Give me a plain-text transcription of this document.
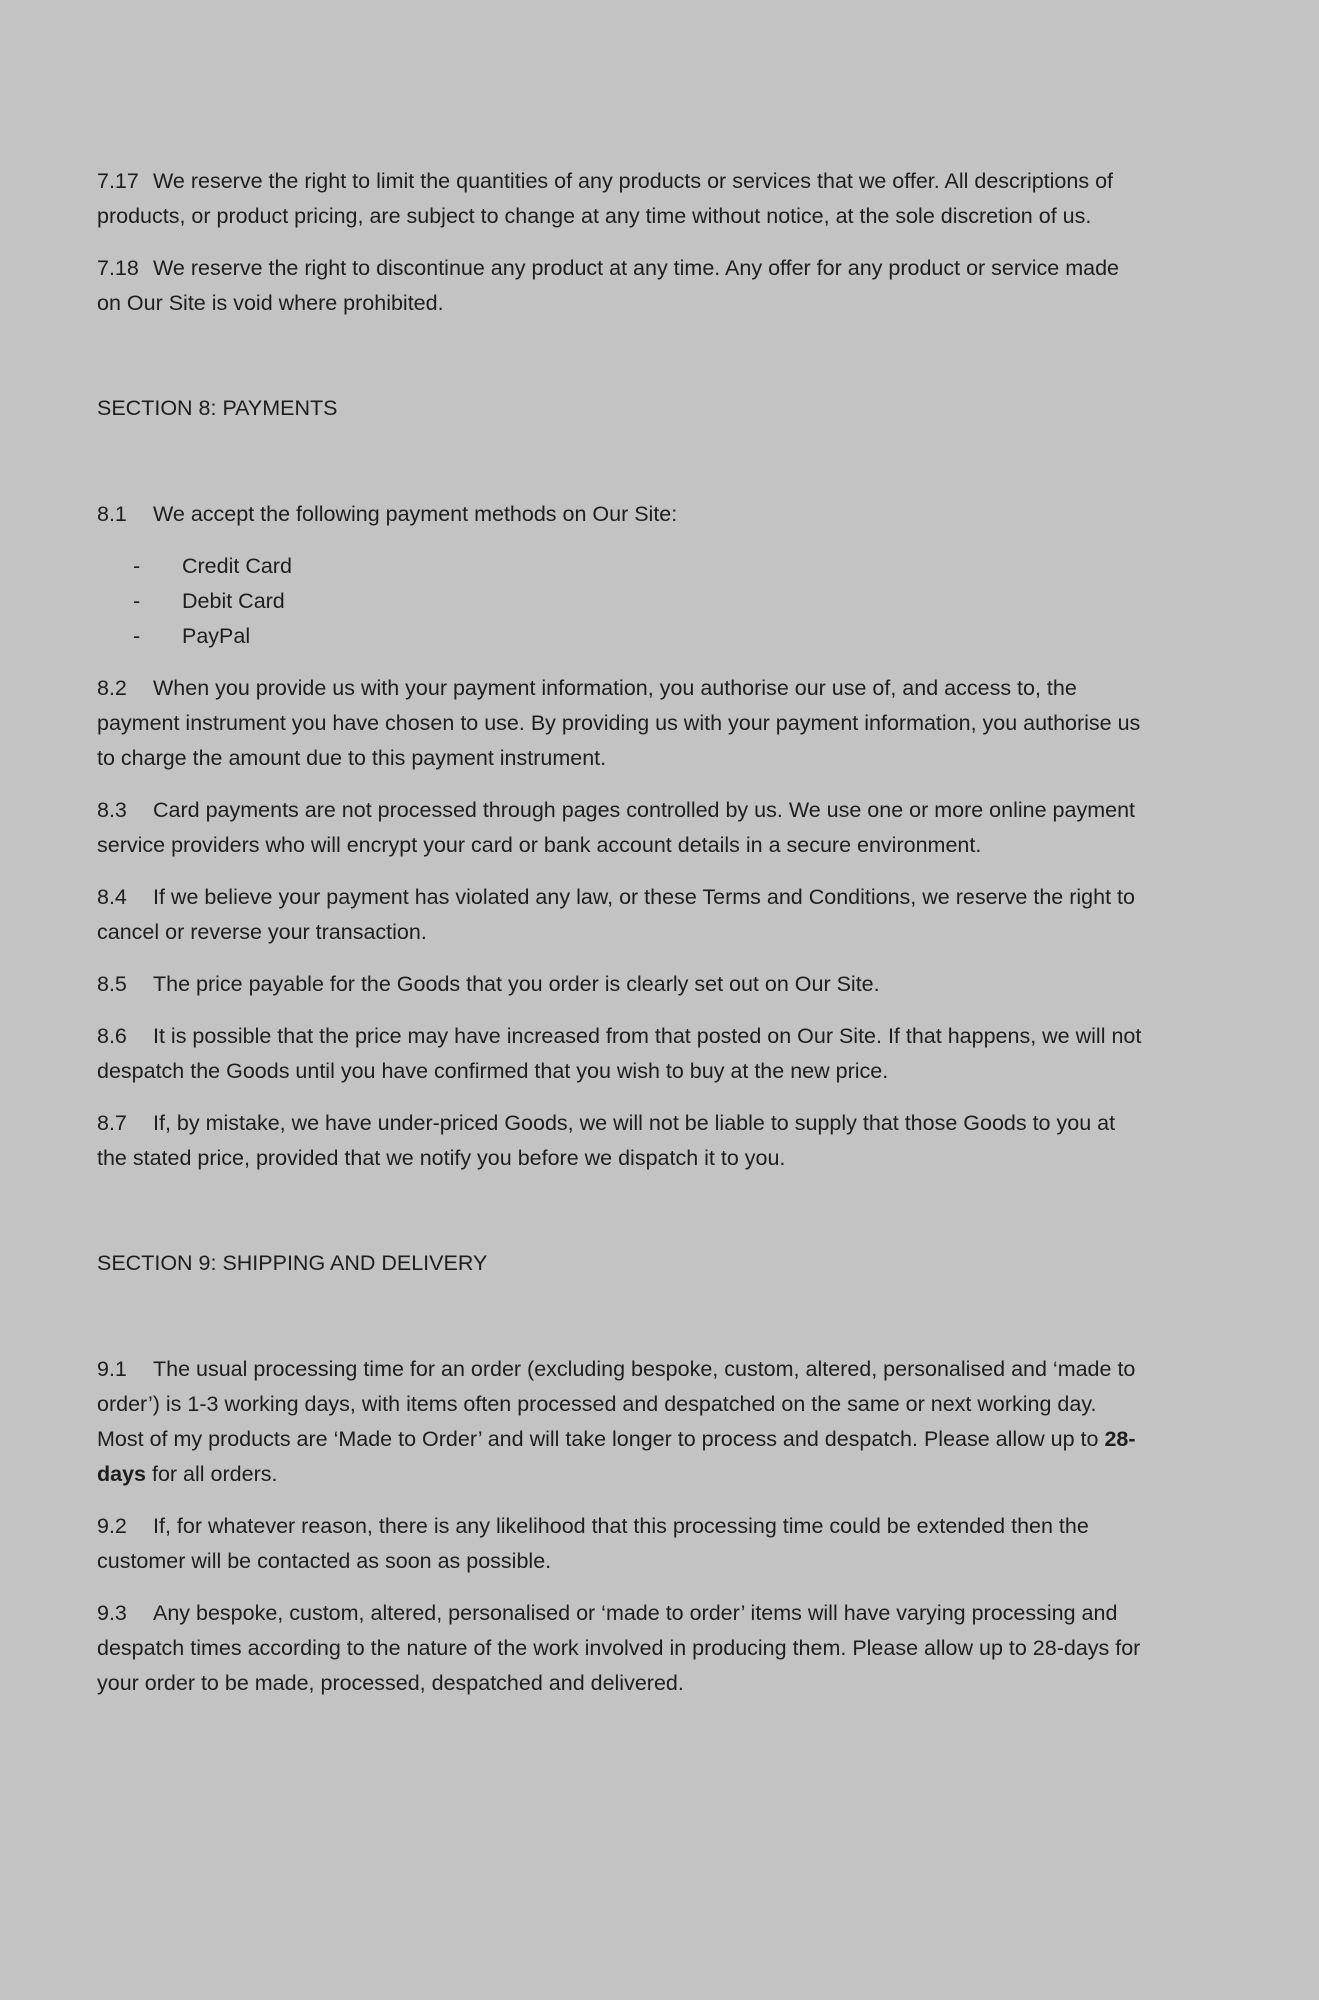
7.17 We reserve the right to limit the quantities of any products or services that we offer. All descriptions of products, or product pricing, are subject to change at any time without notice, at the sole discretion of us.

7.18 We reserve the right to discontinue any product at any time. Any offer for any product or service made on Our Site is void where prohibited.

SECTION 8: PAYMENTS

8.1 We accept the following payment methods on Our Site:

- Credit Card
- Debit Card
- PayPal

8.2 When you provide us with your payment information, you authorise our use of, and access to, the payment instrument you have chosen to use. By providing us with your payment information, you authorise us to charge the amount due to this payment instrument.

8.3 Card payments are not processed through pages controlled by us. We use one or more online payment service providers who will encrypt your card or bank account details in a secure environment.

8.4 If we believe your payment has violated any law, or these Terms and Conditions, we reserve the right to cancel or reverse your transaction.

8.5 The price payable for the Goods that you order is clearly set out on Our Site.

8.6 It is possible that the price may have increased from that posted on Our Site. If that happens, we will not despatch the Goods until you have confirmed that you wish to buy at the new price.

8.7 If, by mistake, we have under-priced Goods, we will not be liable to supply that those Goods to you at the stated price, provided that we notify you before we dispatch it to you.

SECTION 9: SHIPPING AND DELIVERY

9.1 The usual processing time for an order (excluding bespoke, custom, altered, personalised and ‘made to order’) is 1-3 working days, with items often processed and despatched on the same or next working day. Most of my products are ‘Made to Order’ and will take longer to process and despatch. Please allow up to 28-days for all orders.

9.2 If, for whatever reason, there is any likelihood that this processing time could be extended then the customer will be contacted as soon as possible.

9.3 Any bespoke, custom, altered, personalised or ‘made to order’ items will have varying processing and despatch times according to the nature of the work involved in producing them. Please allow up to 28-days for your order to be made, processed, despatched and delivered.
